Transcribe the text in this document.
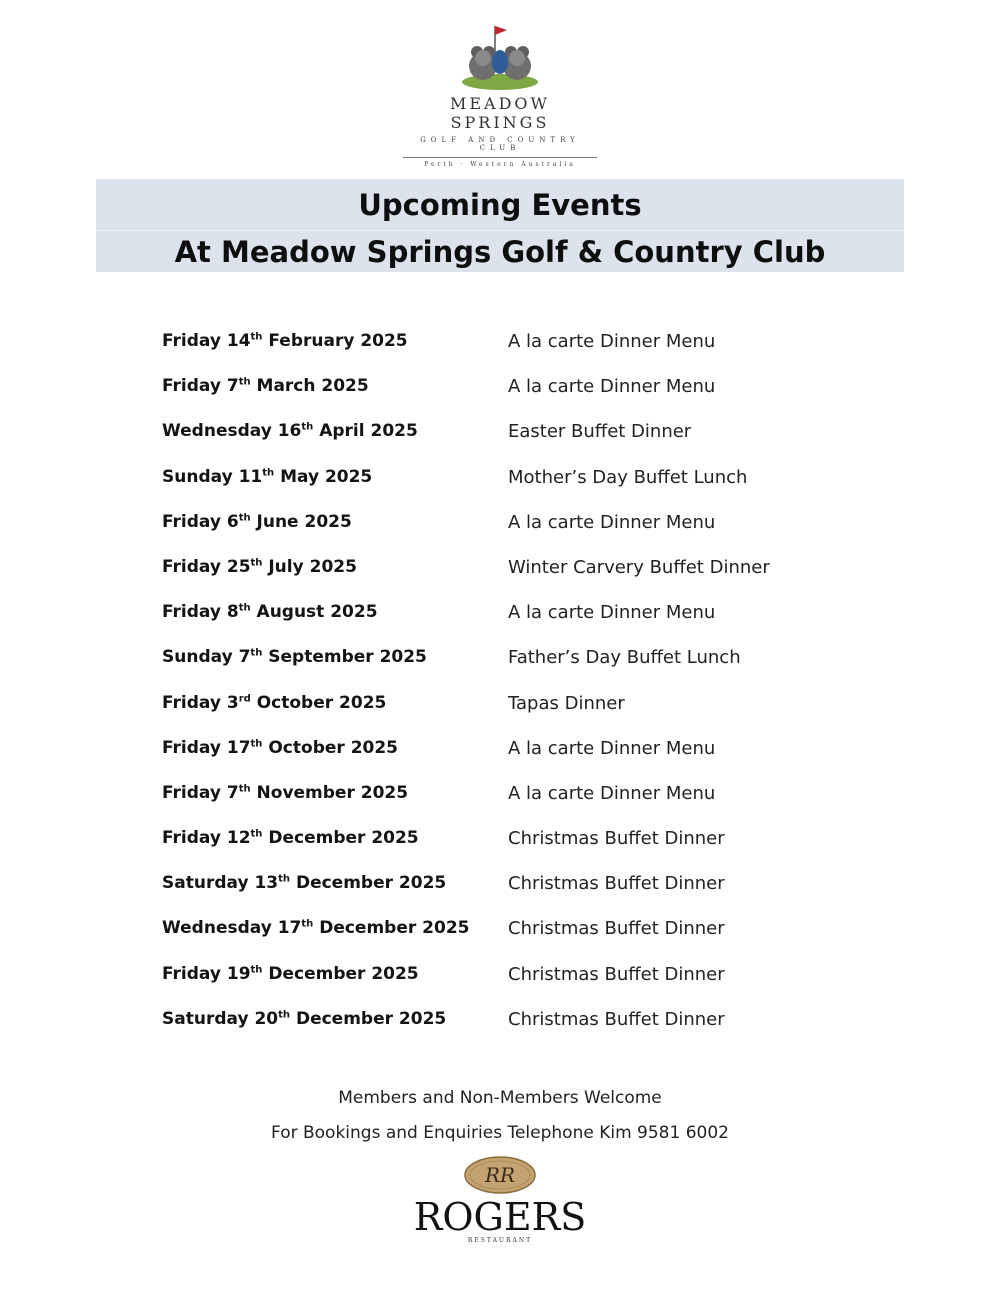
MEADOW SPRINGS
GOLF AND COUNTRY CLUB
Perth · Western Australia
Upcoming Events
At Meadow Springs Golf & Country Club
Friday 14th February 2025	A la carte Dinner Menu
Friday 7th March 2025	A la carte Dinner Menu
Wednesday 16th April 2025	Easter Buffet Dinner
Sunday 11th May 2025	Mother’s Day Buffet Lunch
Friday 6th June 2025	A la carte Dinner Menu
Friday 25th July 2025	Winter Carvery Buffet Dinner
Friday 8th August 2025	A la carte Dinner Menu
Sunday 7th September 2025	Father’s Day Buffet Lunch
Friday 3rd October 2025	Tapas Dinner
Friday 17th October 2025	A la carte Dinner Menu
Friday 7th November 2025	A la carte Dinner Menu
Friday 12th December 2025	Christmas Buffet Dinner
Saturday 13th December 2025	Christmas Buffet Dinner
Wednesday 17th December 2025 Christmas Buffet Dinner
Friday 19th December 2025	Christmas Buffet Dinner
Saturday 20th December 2025	Christmas Buffet Dinner
Members and Non-Members Welcome
For Bookings and Enquiries Telephone Kim 9581 6002
RR
ROGERS
RESTAURANT
